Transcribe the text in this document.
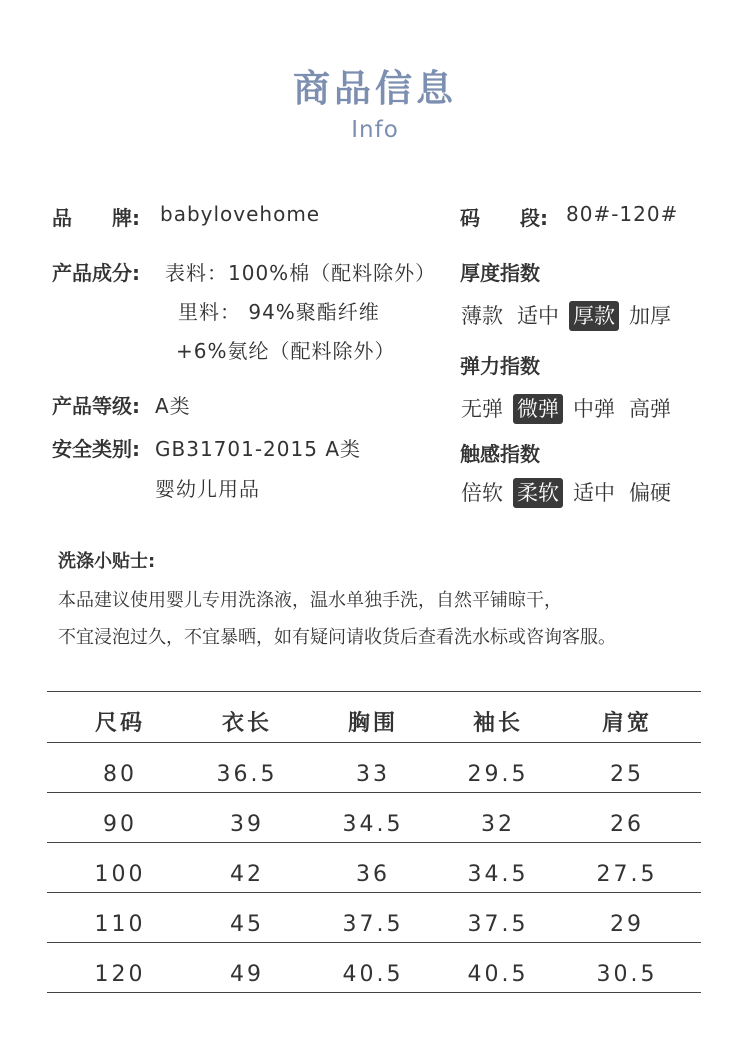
商品信息
Info
品　　牌: babylovehome	码　　段: 80#-120#
产品成分: 表料：100%棉（配料除外）
里料： 94%聚酯纤维
+6%氨纶（配料除外）
产品等级: A类
安全类别: GB31701-2015 A类
婴幼儿用品
厚度指数
薄款 适中 厚款 加厚
弹力指数
无弹 微弹 中弹 高弹
触感指数
倍软 柔软 适中 偏硬
洗涤小贴士:
本品建议使用婴儿专用洗涤液，温水单独手洗，自然平铺晾干，
不宜浸泡过久，不宜暴晒，如有疑问请收货后查看洗水标或咨询客服。
尺码	衣长	胸围	袖长	肩宽
80	36.5	33	29.5	25
90	39	34.5	32	26
100	42	36	34.5	27.5
110	45	37.5	37.5	29
120	49	40.5	40.5	30.5
